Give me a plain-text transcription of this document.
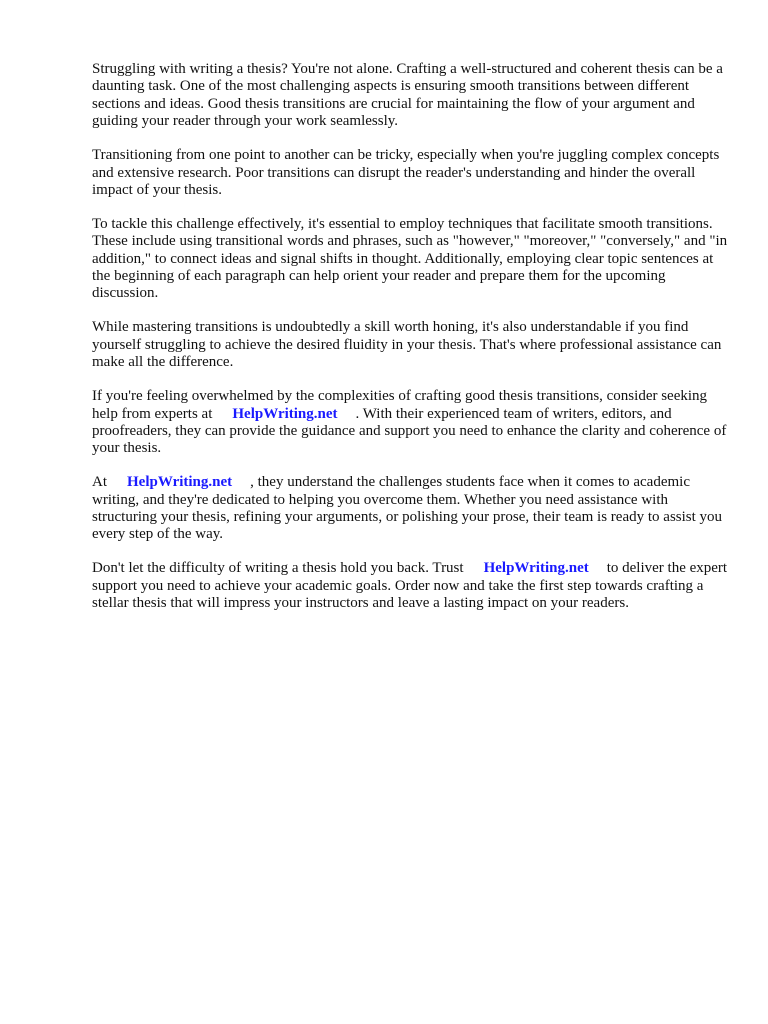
Struggling with writing a thesis? You're not alone. Crafting a well-structured and coherent thesis can be a daunting task. One of the most challenging aspects is ensuring smooth transitions between different sections and ideas. Good thesis transitions are crucial for maintaining the flow of your argument and guiding your reader through your work seamlessly.

Transitioning from one point to another can be tricky, especially when you're juggling complex concepts and extensive research. Poor transitions can disrupt the reader's understanding and hinder the overall impact of your thesis.

To tackle this challenge effectively, it's essential to employ techniques that facilitate smooth transitions. These include using transitional words and phrases, such as "however," "moreover," "conversely," and "in addition," to connect ideas and signal shifts in thought. Additionally, employing clear topic sentences at the beginning of each paragraph can help orient your reader and prepare them for the upcoming discussion.

While mastering transitions is undoubtedly a skill worth honing, it's also understandable if you find yourself struggling to achieve the desired fluidity in your thesis. That's where professional assistance can make all the difference.

If you're feeling overwhelmed by the complexities of crafting good thesis transitions, consider seeking help from experts at HelpWriting.net . With their experienced team of writers, editors, and proofreaders, they can provide the guidance and support you need to enhance the clarity and coherence of your thesis.

At HelpWriting.net , they understand the challenges students face when it comes to academic writing, and they're dedicated to helping you overcome them. Whether you need assistance with structuring your thesis, refining your arguments, or polishing your prose, their team is ready to assist you every step of the way.

Don't let the difficulty of writing a thesis hold you back. Trust HelpWriting.net to deliver the expert support you need to achieve your academic goals. Order now and take the first step towards crafting a stellar thesis that will impress your instructors and leave a lasting impact on your readers.
